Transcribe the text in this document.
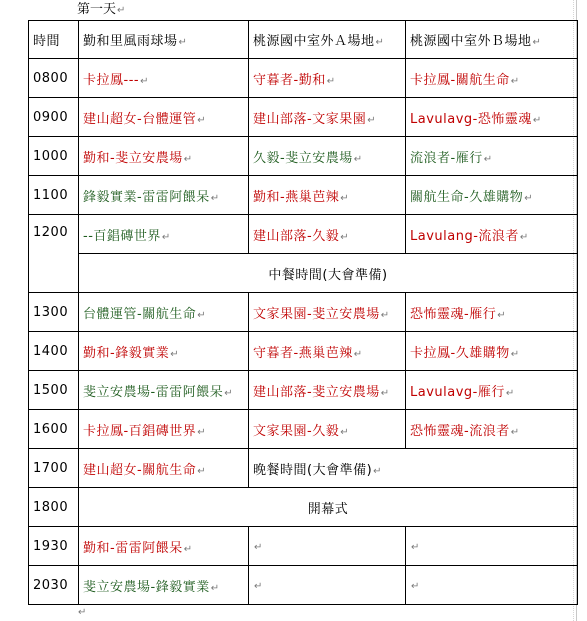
第一天↵
時間	勤和里風雨球場↵	桃源國中室外Ａ場地↵	桃源國中室外Ｂ場地↵
0800	卡拉鳳---↵	守暮者-勤和↵	卡拉鳳-關航生命↵
0900	建山超女-台體運管↵	建山部落-文家果園↵	Lavulavg-恐怖靈魂↵
1000	勤和-斐立安農場↵	久毅-斐立安農場↵	流浪者-雁行↵
1100	鋒毅實業-雷雷阿餵呆↵	勤和-燕巢芭辣↵	關航生命-久雄購物↵
1200	--百錩磚世界↵	建山部落-久毅↵	Lavulang-流浪者↵
	中餐時間(大會準備)		
1300	台體運管-關航生命↵	文家果園-斐立安農場↵	恐怖靈魂-雁行↵
1400	勤和-鋒毅實業↵	守暮者-燕巢芭辣↵	卡拉鳳-久雄購物↵
1500	斐立安農場-雷雷阿餵呆↵	建山部落-斐立安農場↵	Lavulavg-雁行↵
1600	卡拉鳳-百錩磚世界↵	文家果園-久毅↵	恐怖靈魂-流浪者↵
1700	建山超女-關航生命↵	晚餐時間(大會準備)↵	
1800	開幕式		
1930	勤和-雷雷阿餵呆↵	↵	↵
2030	斐立安農場-鋒毅實業↵	↵	↵
↵
